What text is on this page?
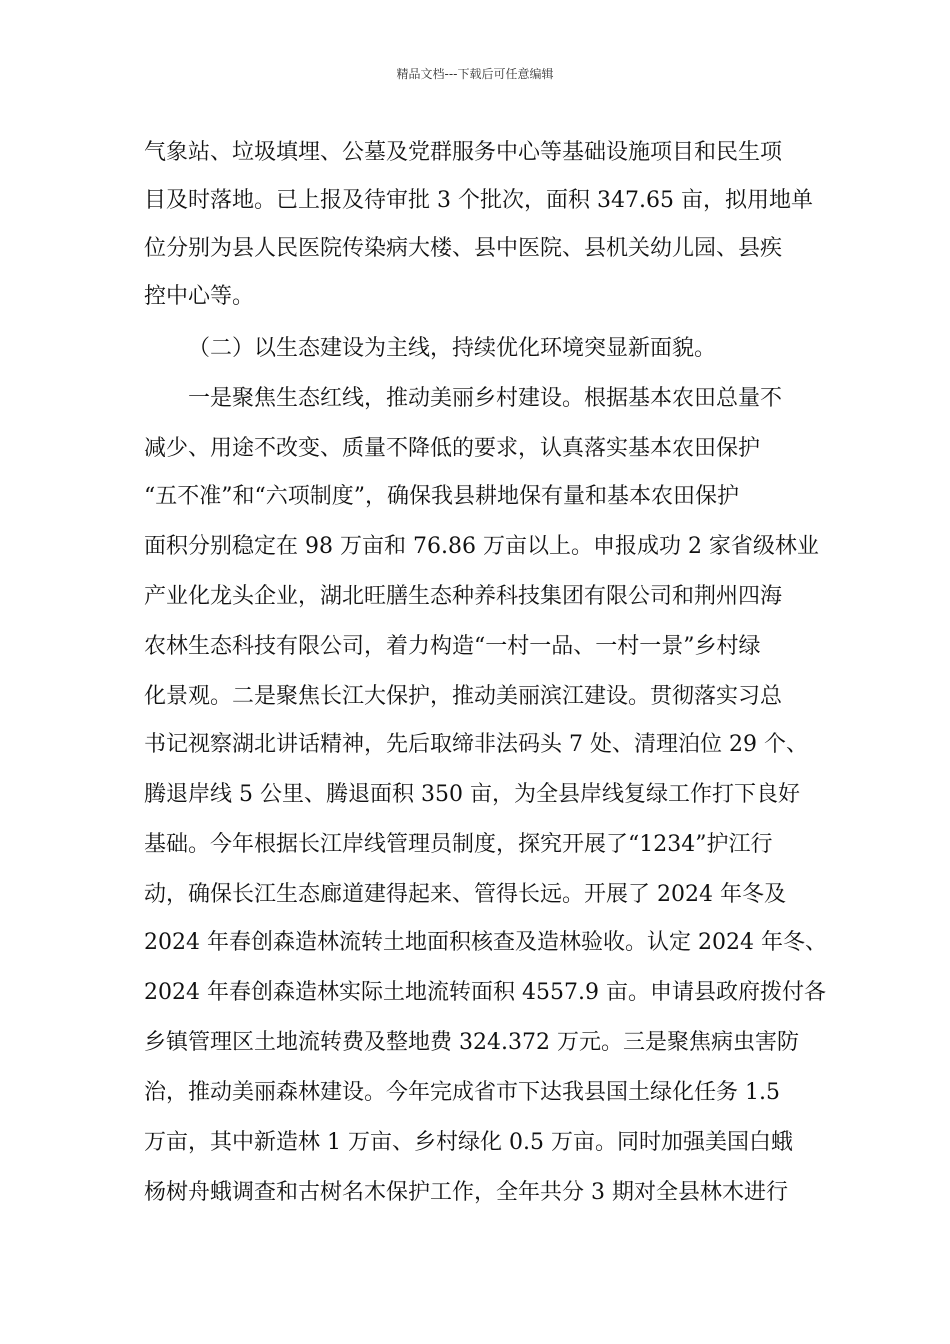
精品文档---下载后可任意编辑
气象站、垃圾填埋、公墓及党群服务中心等基础设施项目和民生项
目及时落地。已上报及待审批 3 个批次，面积 347.65 亩，拟用地单
位分别为县人民医院传染病大楼、县中医院、县机关幼儿园、县疾
控中心等。
（二）以生态建设为主线，持续优化环境突显新面貌。
一是聚焦生态红线，推动美丽乡村建设。根据基本农田总量不
减少、用途不改变、质量不降低的要求，认真落实基本农田保护
“五不准”和“六项制度”，确保我县耕地保有量和基本农田保护
面积分别稳定在 98 万亩和 76.86 万亩以上。申报成功 2 家省级林业
产业化龙头企业，湖北旺膳生态种养科技集团有限公司和荆州四海
农林生态科技有限公司，着力构造“一村一品、一村一景”乡村绿
化景观。二是聚焦长江大保护，推动美丽滨江建设。贯彻落实习总
书记视察湖北讲话精神，先后取缔非法码头 7 处、清理泊位 29 个、
腾退岸线 5 公里、腾退面积 350 亩，为全县岸线复绿工作打下良好
基础。今年根据长江岸线管理员制度，探究开展了“1234”护江行
动，确保长江生态廊道建得起来、管得长远。开展了 2024 年冬及
2024 年春创森造林流转土地面积核查及造林验收。认定 2024 年冬、
2024 年春创森造林实际土地流转面积 4557.9 亩。申请县政府拨付各
乡镇管理区土地流转费及整地费 324.372 万元。三是聚焦病虫害防
治，推动美丽森林建设。今年完成省市下达我县国土绿化任务 1.5
万亩，其中新造林 1 万亩、乡村绿化 0.5 万亩。同时加强美国白蛾
杨树舟蛾调查和古树名木保护工作，全年共分 3 期对全县林木进行
